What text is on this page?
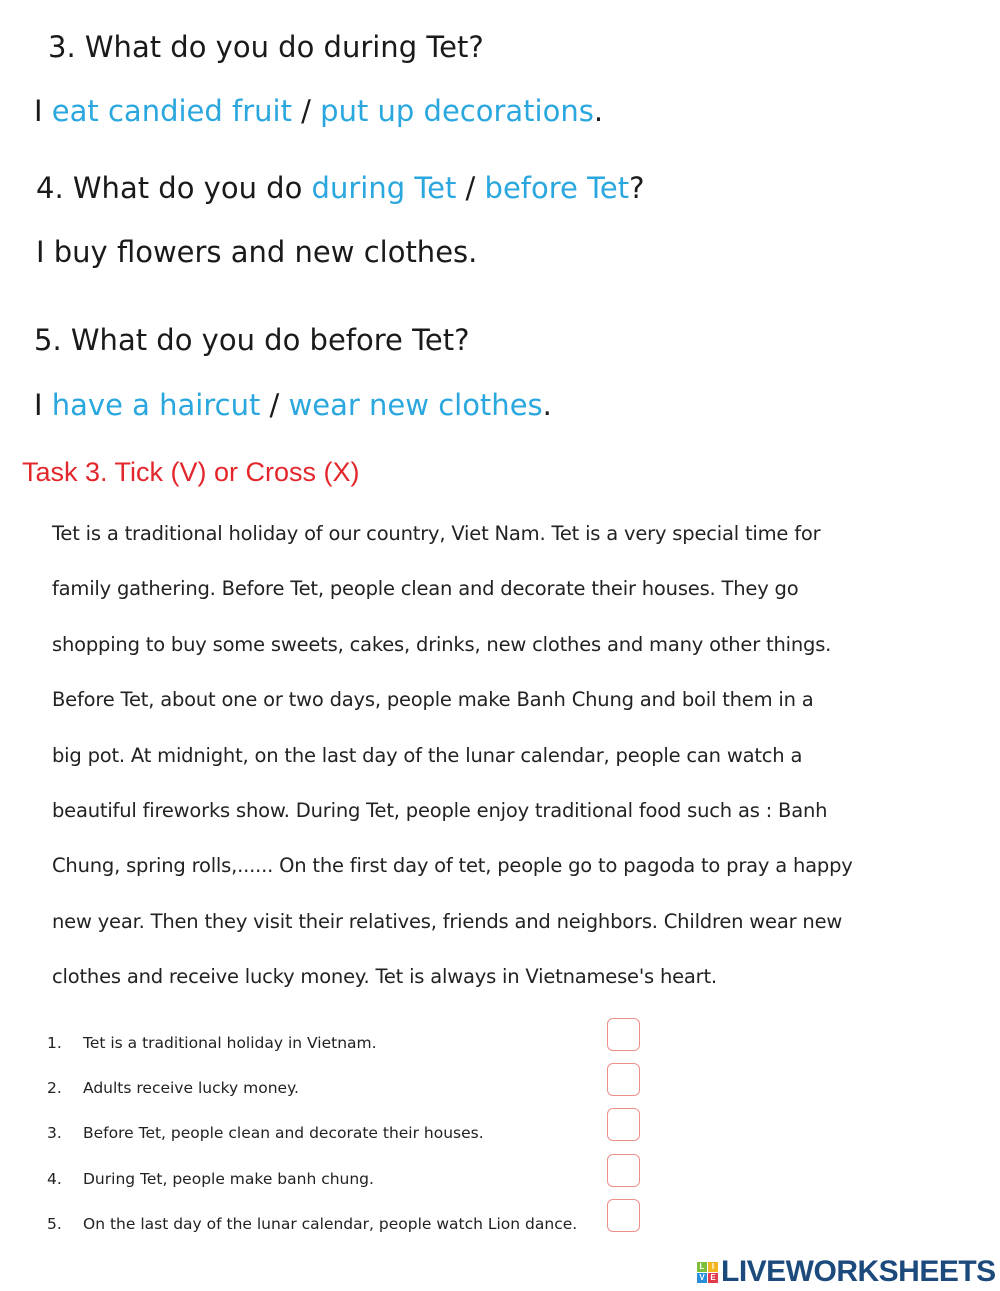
3. What do you do during Tet?
I eat candied fruit / put up decorations.
4. What do you do during Tet / before Tet?
I buy flowers and new clothes.
5. What do you do before Tet?
I have a haircut / wear new clothes.
Task 3. Tick (V) or Cross (X)
Tet is a traditional holiday of our country, Viet Nam. Tet is a very special time for
family gathering. Before Tet, people clean and decorate their houses. They go
shopping to buy some sweets, cakes, drinks, new clothes and many other things.
Before Tet, about one or two days, people make Banh Chung and boil them in a
big pot. At midnight, on the last day of the lunar calendar, people can watch a
beautiful fireworks show. During Tet, people enjoy traditional food such as : Banh
Chung, spring rolls,...... On the first day of tet, people go to pagoda to pray a happy
new year. Then they visit their relatives, friends and neighbors. Children wear new
clothes and receive lucky money. Tet is always in Vietnamese's heart.
1. Tet is a traditional holiday in Vietnam.
2. Adults receive lucky money.
3. Before Tet, people clean and decorate their houses.
4. During Tet, people make banh chung.
5. On the last day of the lunar calendar, people watch Lion dance.
L I
V E LIVEWORKSHEETS
